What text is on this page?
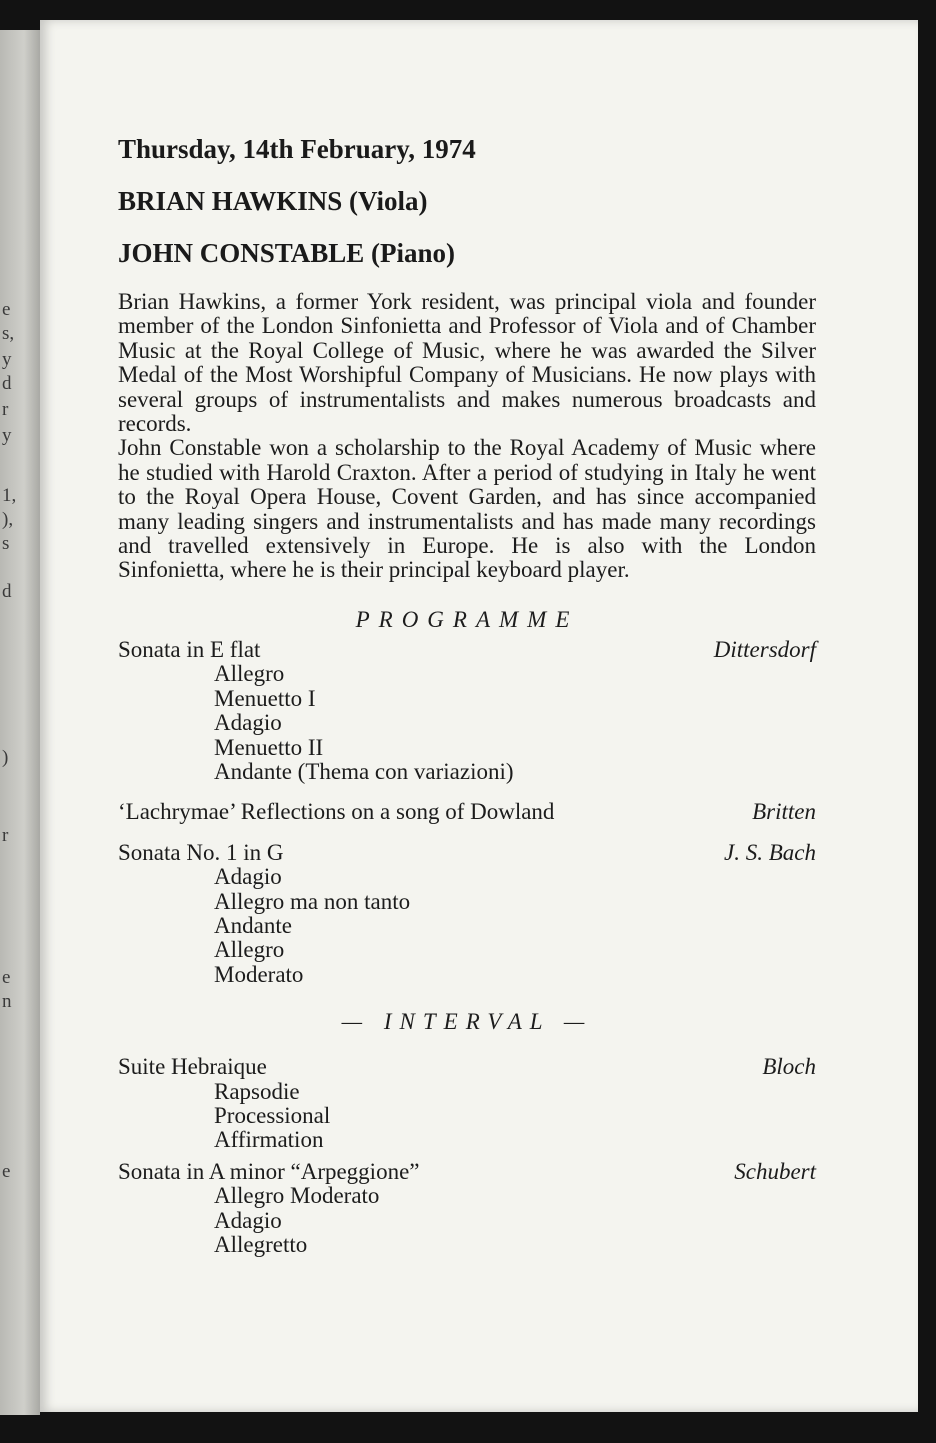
e
s,
y
d
r
y
1,
),
s
d
)
r
e
n
e
Thursday, 14th February, 1974
BRIAN HAWKINS (Viola)
JOHN CONSTABLE (Piano)

Brian Hawkins, a former York resident, was principal viola and founder member of the London Sinfonietta and Professor of Viola and of Chamber Music at the Royal College of Music, where he was awarded the Silver Medal of the Most Worshipful Company of Musicians. He now plays with several groups of instrumentalists and makes numerous broadcasts and records.

John Constable won a scholarship to the Royal Academy of Music where he studied with Harold Craxton. After a period of studying in Italy he went to the Royal Opera House, Covent Garden, and has since accompanied many leading singers and instrumentalists and has made many recordings and travelled extensively in Europe. He is also with the London Sinfonietta, where he is their principal keyboard player.

PROGRAMME
Sonata in E flat	Dittersdorf
Allegro
Menuetto I
Adagio
Menuetto II
Andante (Thema con variazioni)
‘Lachrymae’ Reflections on a song of Dowland	Britten
Sonata No. 1 in G	J. S. Bach
Adagio
Allegro ma non tanto
Andante
Allegro
Moderato
— INTERVAL —
Suite Hebraique	Bloch
Rapsodie
Processional
Affirmation
Sonata in A minor “Arpeggione”	Schubert
Allegro Moderato
Adagio
Allegretto
